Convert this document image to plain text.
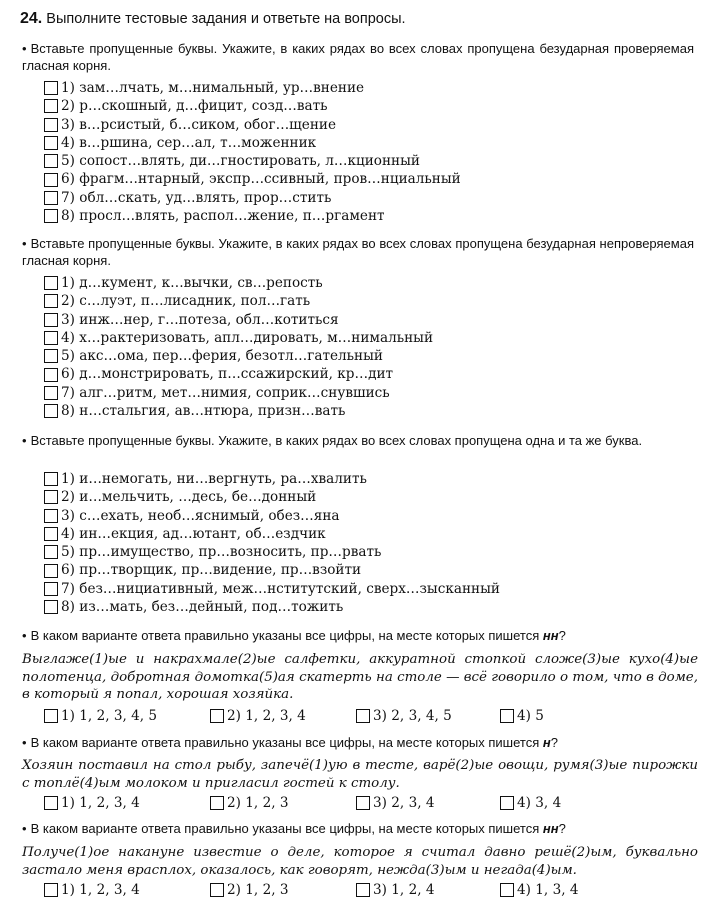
24. Выполните тестовые задания и ответьте на вопросы.
• Вставьте пропущенные буквы. Укажите, в каких рядах во всех словах пропущена безударная проверяемая гласная корня.
1) зам…лчать, м…нимальный, ур…внение
2) р…скошный, д…фицит, созд…вать
3) в…рсистый, б…сиком, обог…щение
4) в…ршина, сер…ал, т…моженник
5) сопост…влять, ди…гностировать, л…кционный
6) фрагм…нтарный, экспр…ссивный, пров…нциальный
7) обл…скать, уд…влять, прор…стить
8) просл…влять, распол…жение, п…ргамент
• Вставьте пропущенные буквы. Укажите, в каких рядах во всех словах пропущена безударная непроверяемая гласная корня.
1) д…кумент, к…вычки, св…репость
2) с…луэт, п…лисадник, пол…гать
3) инж…нер, г…потеза, обл…котиться
4) х…рактеризовать, апл…дировать, м…нимальный
5) акс…ома, пер…ферия, безотл…гательный
6) д…монстрировать, п…ссажирский, кр…дит
7) алг…ритм, мет…нимия, соприк…снувшись
8) н…стальгия, ав…нтюра, призн…вать
• Вставьте пропущенные буквы. Укажите, в каких рядах во всех словах пропущена одна и та же буква.
1) и…немогать, ни…вергнуть, ра…хвалить
2) и…мельчить, …десь, бе…донный
3) с…ехать, необ…яснимый, обез…яна
4) ин…екция, ад…ютант, об…ездчик
5) пр…имущество, пр…возносить, пр…рвать
6) пр…творщик, пр…видение, пр…взойти
7) без…нициативный, меж…нститутский, сверх…зысканный
8) из…мать, без…дейный, под…тожить
• В каком варианте ответа правильно указаны все цифры, на месте которых пишется нн?
Выглаже(1)ые и накрахмале(2)ые салфетки, аккуратной стопкой сложе(3)ые кухо(4)ые полотенца, добротная домотка(5)ая скатерть на столе — всё говорило о том, что в доме, в который я попал, хорошая хозяйка.
1) 1, 2, 3, 4, 5	2) 1, 2, 3, 4	3) 2, 3, 4, 5	4) 5
• В каком варианте ответа правильно указаны все цифры, на месте которых пишется н?
Хозяин поставил на стол рыбу, запечё(1)ую в тесте, варё(2)ые овощи, румя(3)ые пирожки с топлё(4)ым молоком и пригласил гостей к столу.
1) 1, 2, 3, 4	2) 1, 2, 3	3) 2, 3, 4	4) 3, 4
• В каком варианте ответа правильно указаны все цифры, на месте которых пишется нн?
Получе(1)ое накануне известие о деле, которое я считал давно решё(2)ым, буквально застало меня врасплох, оказалось, как говорят, нежда(3)ым и негада(4)ым.
1) 1, 2, 3, 4	2) 1, 2, 3	3) 1, 2, 4	4) 1, 3, 4
